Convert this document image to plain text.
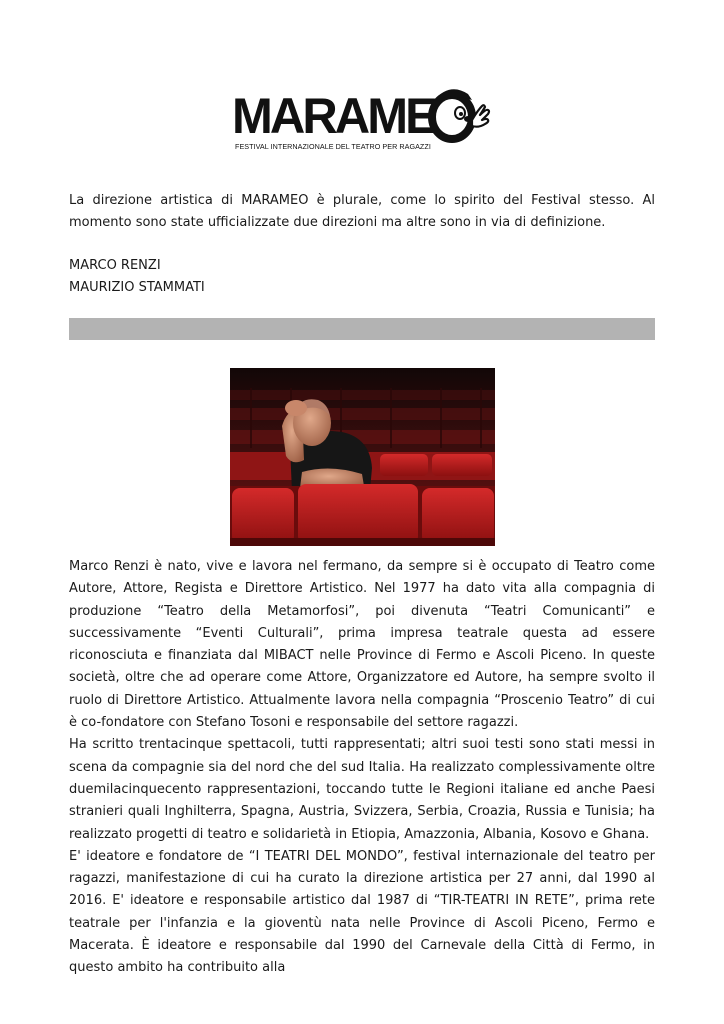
MARAME
FESTIVAL INTERNAZIONALE DEL TEATRO PER RAGAZZI

La direzione artistica di MARAMEO è plurale, come lo spirito del Festival stesso. Al momento sono state ufficializzate due direzioni ma altre sono in via di definizione.

MARCO RENZI
MAURIZIO STAMMATI

Marco Renzi è nato, vive e lavora nel fermano, da sempre si è occupato di Teatro come Autore, Attore, Regista e Direttore Artistico. Nel 1977 ha dato vita alla compagnia di produzione “Teatro della Metamorfosi”, poi divenuta “Teatri Comunicanti” e successivamente “Eventi Culturali”, prima impresa teatrale questa ad essere riconosciuta e finanziata dal MIBACT nelle Province di Fermo e Ascoli Piceno. In queste società, oltre che ad operare come Attore, Organizzatore ed Autore, ha sempre svolto il ruolo di Direttore Artistico. Attualmente lavora nella compagnia “Proscenio Teatro” di cui è co-fondatore con Stefano Tosoni e responsabile del settore ragazzi.

Ha scritto trentacinque spettacoli, tutti rappresentati; altri suoi testi sono stati messi in scena da compagnie sia del nord che del sud Italia. Ha realizzato complessivamente oltre duemilacinquecento rappresentazioni, toccando tutte le Regioni italiane ed anche Paesi stranieri quali Inghilterra, Spagna, Austria, Svizzera, Serbia, Croazia, Russia e Tunisia; ha realizzato progetti di teatro e solidarietà in Etiopia, Amazzonia, Albania, Kosovo e Ghana.

E' ideatore e fondatore de “I TEATRI DEL MONDO”, festival internazionale del teatro per ragazzi, manifestazione di cui ha curato la direzione artistica per 27 anni, dal 1990 al 2016. E' ideatore e responsabile artistico dal 1987 di “TIR-TEATRI IN RETE”, prima rete teatrale per l'infanzia e la gioventù nata nelle Province di Ascoli Piceno, Fermo e Macerata. È ideatore e responsabile dal 1990 del Carnevale della Città di Fermo, in questo ambito ha contribuito alla
